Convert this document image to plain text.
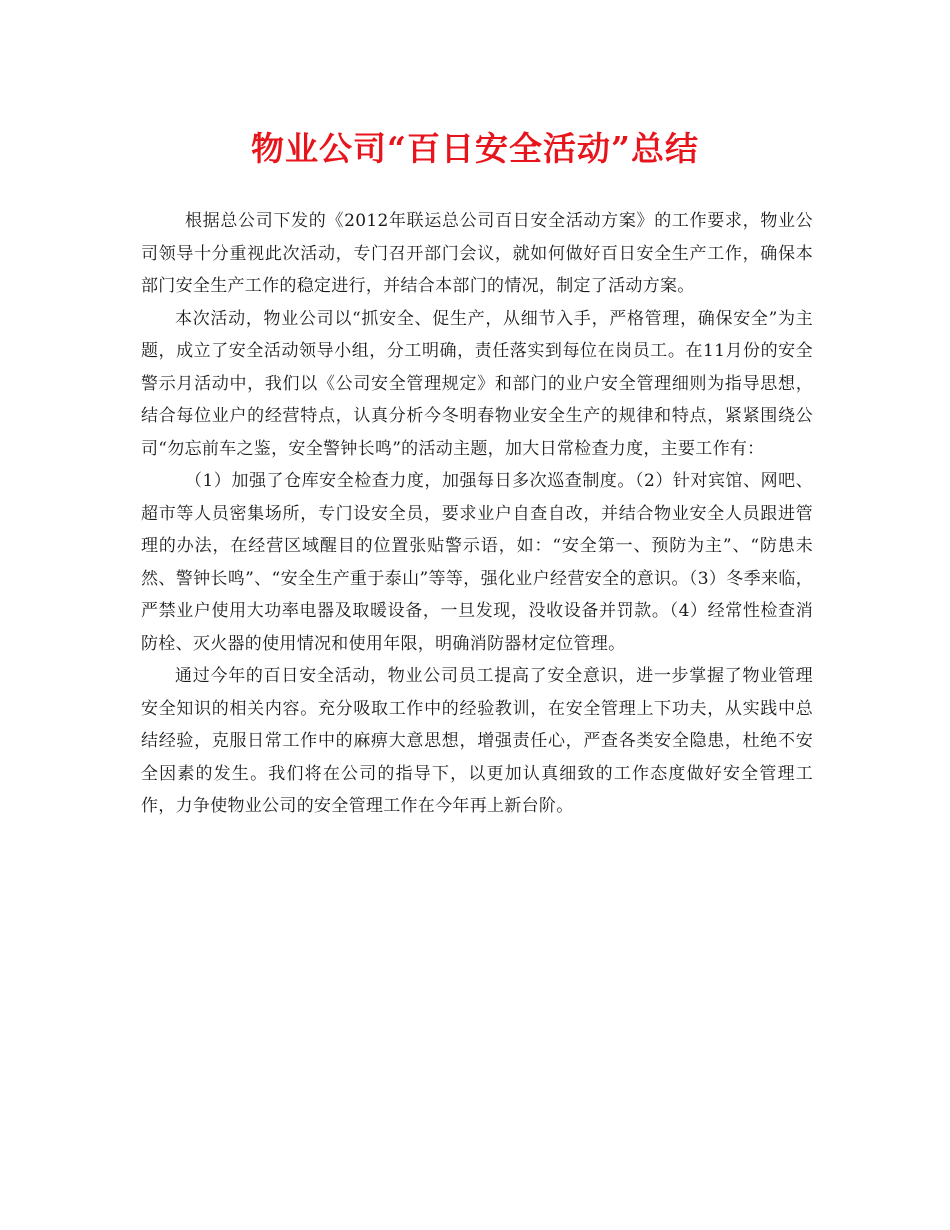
物业公司“百日安全活动”总结

根据总公司下发的《2012年联运总公司百日安全活动方案》的工作要求，物业公司领导十分重视此次活动，专门召开部门会议，就如何做好百日安全生产工作，确保本部门安全生产工作的稳定进行，并结合本部门的情况，制定了活动方案。

本次活动，物业公司以“抓安全、促生产，从细节入手，严格管理，确保安全”为主题，成立了安全活动领导小组，分工明确，责任落实到每位在岗员工。在11月份的安全警示月活动中，我们以《公司安全管理规定》和部门的业户安全管理细则为指导思想，结合每位业户的经营特点，认真分析今冬明春物业安全生产的规律和特点，紧紧围绕公司“勿忘前车之鉴，安全警钟长鸣”的活动主题，加大日常检查力度，主要工作有：

（1）加强了仓库安全检查力度，加强每日多次巡查制度。（2）针对宾馆、网吧、超市等人员密集场所，专门设安全员，要求业户自查自改，并结合物业安全人员跟进管理的办法，在经营区域醒目的位置张贴警示语，如：“安全第一、预防为主”、“防患未然、警钟长鸣”、“安全生产重于泰山”等等，强化业户经营安全的意识。（3）冬季来临，严禁业户使用大功率电器及取暖设备，一旦发现，没收设备并罚款。（4）经常性检查消防栓、灭火器的使用情况和使用年限，明确消防器材定位管理。

通过今年的百日安全活动，物业公司员工提高了安全意识，进一步掌握了物业管理安全知识的相关内容。充分吸取工作中的经验教训，在安全管理上下功夫，从实践中总结经验，克服日常工作中的麻痹大意思想，增强责任心，严查各类安全隐患，杜绝不安全因素的发生。我们将在公司的指导下，以更加认真细致的工作态度做好安全管理工作，力争使物业公司的安全管理工作在今年再上新台阶。
